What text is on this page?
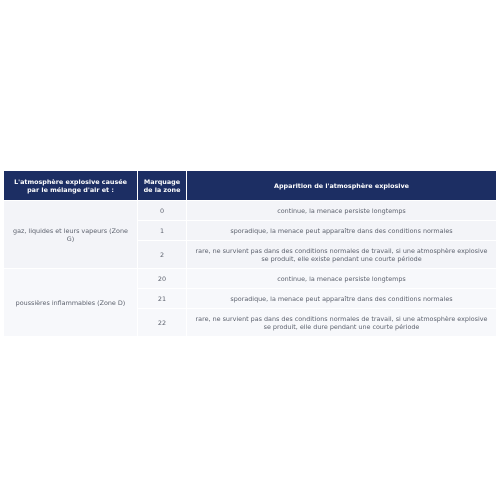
L'atmosphère explosive causée par le mélange d'air et :	Marquage de la zone	Apparition de l'atmosphère explosive
gaz, liquides et leurs vapeurs (Zone G)	0	continue, la menace persiste longtemps
	1	sporadique, la menace peut apparaître dans des conditions normales
	2	rare, ne survient pas dans des conditions normales de travail, si une atmosphère explosive se produit, elle existe pendant une courte période
poussières inflammables (Zone D)	20	continue, la menace persiste longtemps
	21	sporadique, la menace peut apparaître dans des conditions normales
	22	rare, ne survient pas dans des conditions normales de travail, si une atmosphère explosive se produit, elle dure pendant une courte période
